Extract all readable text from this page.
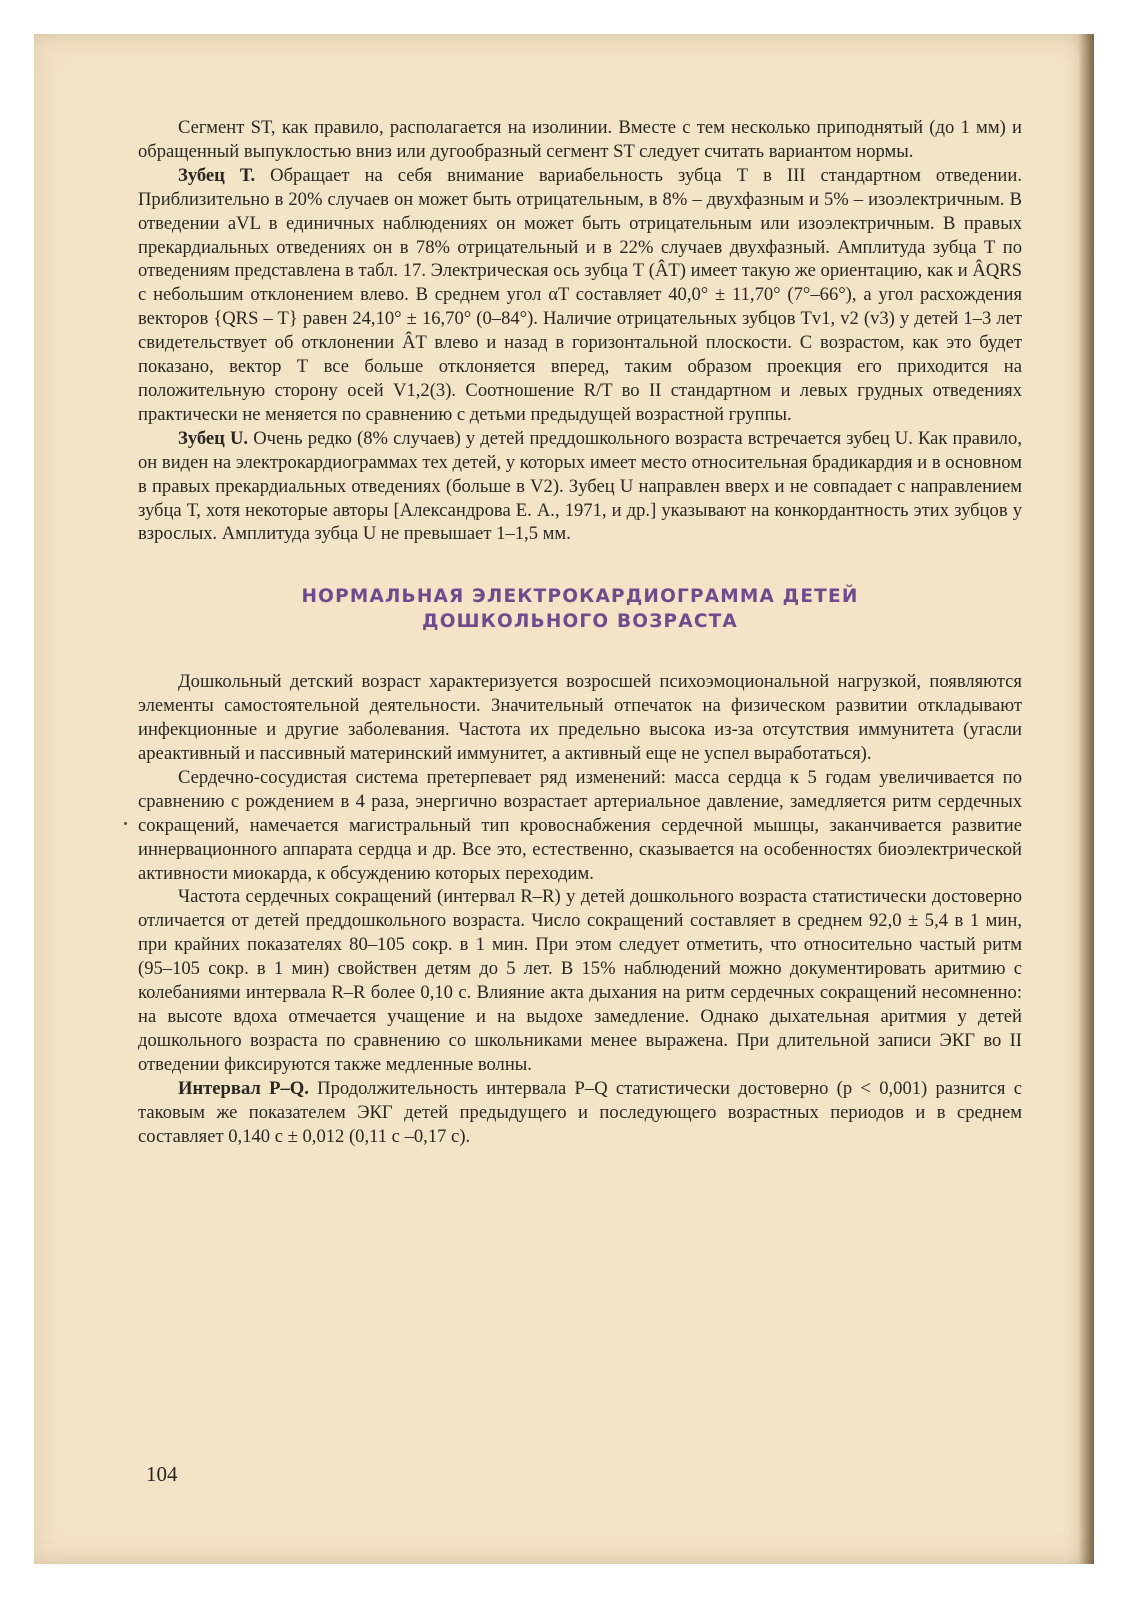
Сегмент ST, как правило, располагается на изолинии. Вместе с тем несколько приподнятый (до 1 мм) и обращенный выпуклостью вниз или дугообразный сегмент ST следует считать вариантом нормы.

Зубец Т. Обращает на себя внимание вариабельность зубца Т в III стандартном отведении. Приблизительно в 20% случаев он может быть отрицательным, в 8% – двухфазным и 5% – изоэлектричным. В отведении aVL в единичных наблюдениях он может быть отрицательным или изоэлектричным. В правых прекардиальных отведениях он в 78% отрицательный и в 22% случаев двухфазный. Амплитуда зубца Т по отведениям представлена в табл. 17. Электрическая ось зубца Т (ÂT) имеет такую же ориентацию, как и ÂQRS с небольшим отклонением влево. В среднем угол αT составляет 40,0° ± 11,70° (7°–66°), а угол расхождения векторов {QRS – T} равен 24,10° ± 16,70° (0–84°). Наличие отрицательных зубцов Tv1, v2 (v3) у детей 1–3 лет свидетельствует об отклонении ÂT влево и назад в горизонтальной плоскости. С возрастом, как это будет показано, вектор Т все больше отклоняется вперед, таким образом проекция его приходится на положительную сторону осей V1,2(3). Соотношение R/T во II стандартном и левых грудных отведениях практически не меняется по сравнению с детьми предыдущей возрастной группы.

Зубец U. Очень редко (8% случаев) у детей преддошкольного возраста встречается зубец U. Как правило, он виден на электрокардиограммах тех детей, у которых имеет место относительная брадикардия и в основном в правых прекардиальных отведениях (больше в V2). Зубец U направлен вверх и не совпадает с направлением зубца Т, хотя некоторые авторы [Александрова Е. А., 1971, и др.] указывают на конкордантность этих зубцов у взрослых. Амплитуда зубца U не превышает 1–1,5 мм.

НОРМАЛЬНАЯ ЭЛЕКТРОКАРДИОГРАММА ДЕТЕЙ
ДОШКОЛЬНОГО ВОЗРАСТА

Дошкольный детский возраст характеризуется возросшей психоэмоциональной нагрузкой, появляются элементы самостоятельной деятельности. Значительный отпечаток на физическом развитии откладывают инфекционные и другие заболевания. Частота их предельно высока из-за отсутствия иммунитета (угасли ареактивный и пассивный материнский иммунитет, а активный еще не успел выработаться).

Сердечно-сосудистая система претерпевает ряд изменений: масса сердца к 5 годам увеличивается по сравнению с рождением в 4 раза, энергично возрастает артериальное давление, замедляется ритм сердечных сокращений, намечается магистральный тип кровоснабжения сердечной мышцы, заканчивается развитие иннервационного аппарата сердца и др. Все это, естественно, сказывается на особенностях биоэлектрической активности миокарда, к обсуждению которых переходим.

Частота сердечных сокращений (интервал R–R) у детей дошкольного возраста статистически достоверно отличается от детей преддошкольного возраста. Число сокращений составляет в среднем 92,0 ± 5,4 в 1 мин, при крайних показателях 80–105 сокр. в 1 мин. При этом следует отметить, что относительно частый ритм (95–105 сокр. в 1 мин) свойствен детям до 5 лет. В 15% наблюдений можно документировать аритмию с колебаниями интервала R–R более 0,10 с. Влияние акта дыхания на ритм сердечных сокращений несомненно: на высоте вдоха отмечается учащение и на выдохе замедление. Однако дыхательная аритмия у детей дошкольного возраста по сравнению со школьниками менее выражена. При длительной записи ЭКГ во II отведении фиксируются также медленные волны.

Интервал P–Q. Продолжительность интервала P–Q статистически достоверно (p < 0,001) разнится с таковым же показателем ЭКГ детей предыдущего и последующего возрастных периодов и в среднем составляет 0,140 с ± 0,012 (0,11 с –0,17 с).

104
